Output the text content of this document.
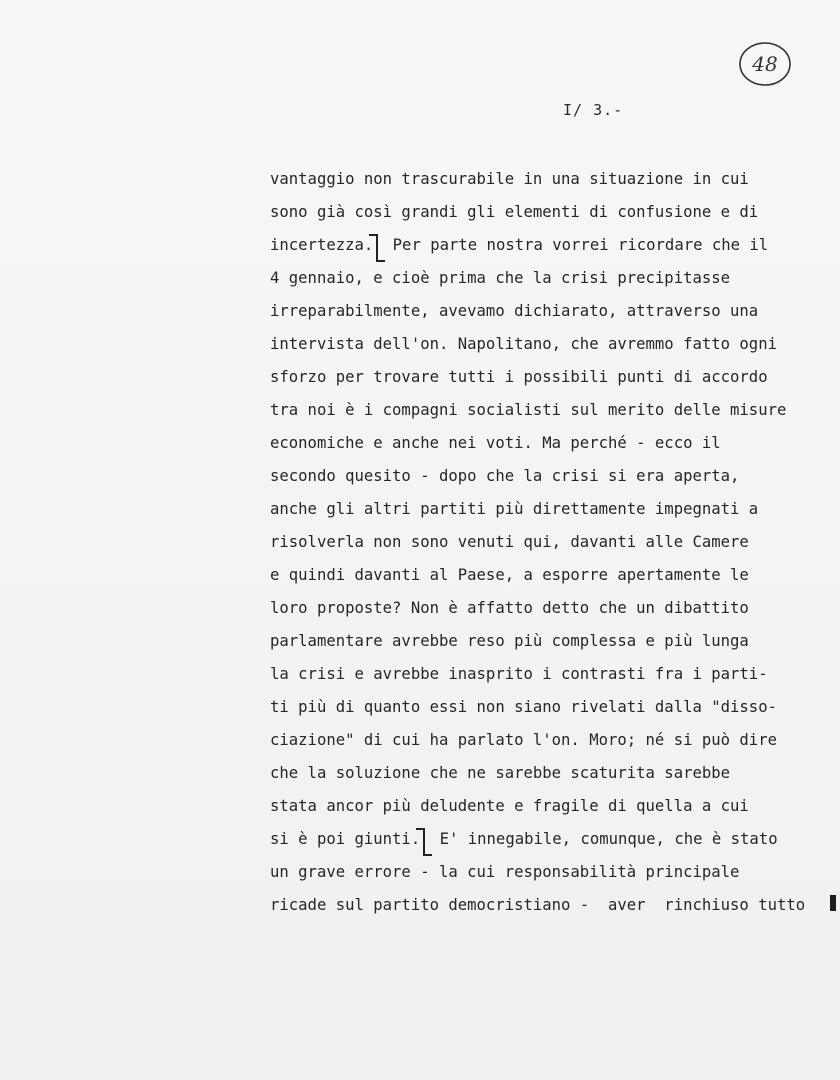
48
I/ 3.-
vantaggio non trascurabile in una situazione in cui
sono già così grandi gli elementi di confusione e di
incertezza.
Per parte nostra vorrei ricordare che il
4 gennaio, e cioè prima che la crisi precipitasse
irreparabilmente, avevamo dichiarato, attraverso una
intervista dell'on. Napolitano, che avremmo fatto ogni
sforzo per trovare tutti i possibili punti di accordo
tra noi è i compagni socialisti sul merito delle misure
economiche e anche nei voti. Ma perché - ecco il
secondo quesito - dopo che la crisi si era aperta,
anche gli altri partiti più direttamente impegnati a
risolverla non sono venuti qui, davanti alle Camere
e quindi davanti al Paese, a esporre apertamente le
loro proposte? Non è affatto detto che un dibattito
parlamentare avrebbe reso più complessa e più lunga
la crisi e avrebbe inasprito i contrasti fra i parti-
ti più di quanto essi non siano rivelati dalla "disso-
ciazione" di cui ha parlato l'on. Moro; né si può dire
che la soluzione che ne sarebbe scaturita sarebbe
stata ancor più deludente e fragile di quella a cui
si è poi giunti.
E' innegabile, comunque, che è stato
un grave errore - la cui responsabilità principale
ricade sul partito democristiano -  aver  rinchiuso tutto
